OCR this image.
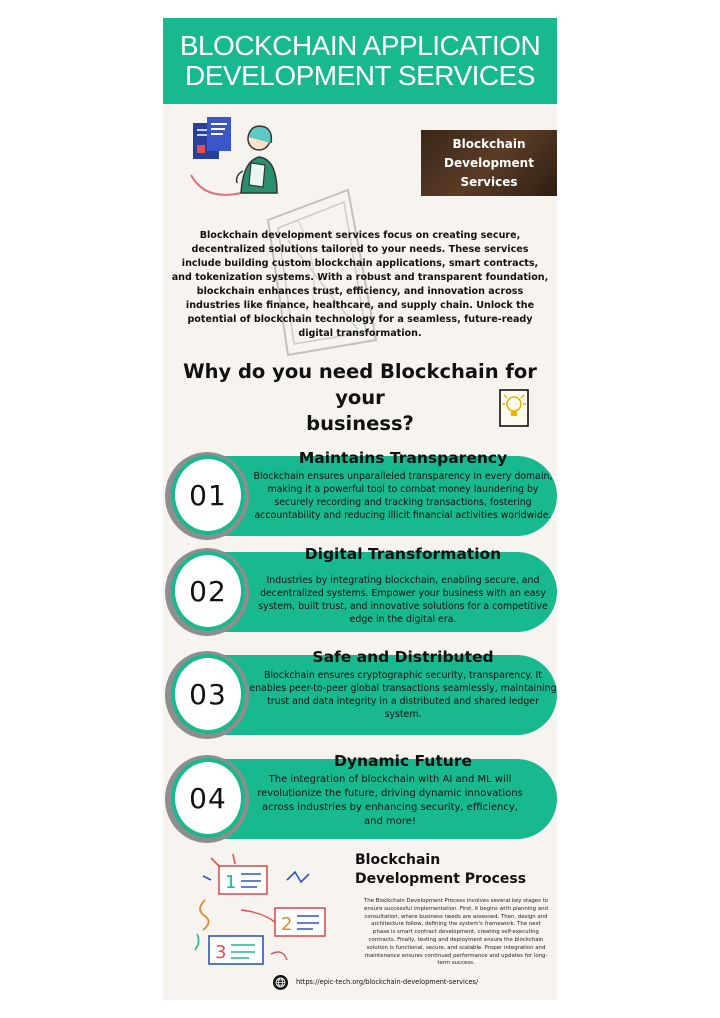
BLOCKCHAIN APPLICATION
DEVELOPMENT SERVICES
Blockchain
Development
Services

Blockchain development services focus on creating secure, decentralized solutions tailored to your needs. These services include building custom blockchain applications, smart contracts, and tokenization systems. With a robust and transparent foundation, blockchain enhances trust, efficiency, and innovation across industries like finance, healthcare, and supply chain. Unlock the potential of blockchain technology for a seamless, future-ready digital transformation.

Why do you need Blockchain for your
business?
01
Maintains Transparency
Blockchain ensures unparalleled transparency in every domain, making it a powerful tool to combat money laundering by securely recording and tracking transactions, fostering accountability and reducing illicit financial activities worldwide.
02
Digital Transformation
Industries by integrating blockchain, enabling secure, and decentralized systems. Empower your business with an easy system, built trust, and innovative solutions for a competitive edge in the digital era.
03
Safe and Distributed
Blockchain ensures cryptographic security, transparency. It enables peer-to-peer global transactions seamlessly, maintaining trust and data integrity in a distributed and shared ledger system.
04
Dynamic Future
The integration of blockchain with AI and ML will revolutionize the future, driving dynamic innovations across industries by enhancing security, efficiency, and more!
1
2
3
Blockchain
Development Process

The Blockchain Development Process involves several key stages to ensure successful implementation. First, it begins with planning and consultation, where business needs are assessed. Then, design and architecture follow, defining the system's framework. The next phase is smart contract development, creating self-executing contracts. Finally, testing and deployment ensure the blockchain solution is functional, secure, and scalable. Proper integration and maintenance ensures continued performance and updates for long-term success.

https://epic-tech.org/blockchain-development-services/
